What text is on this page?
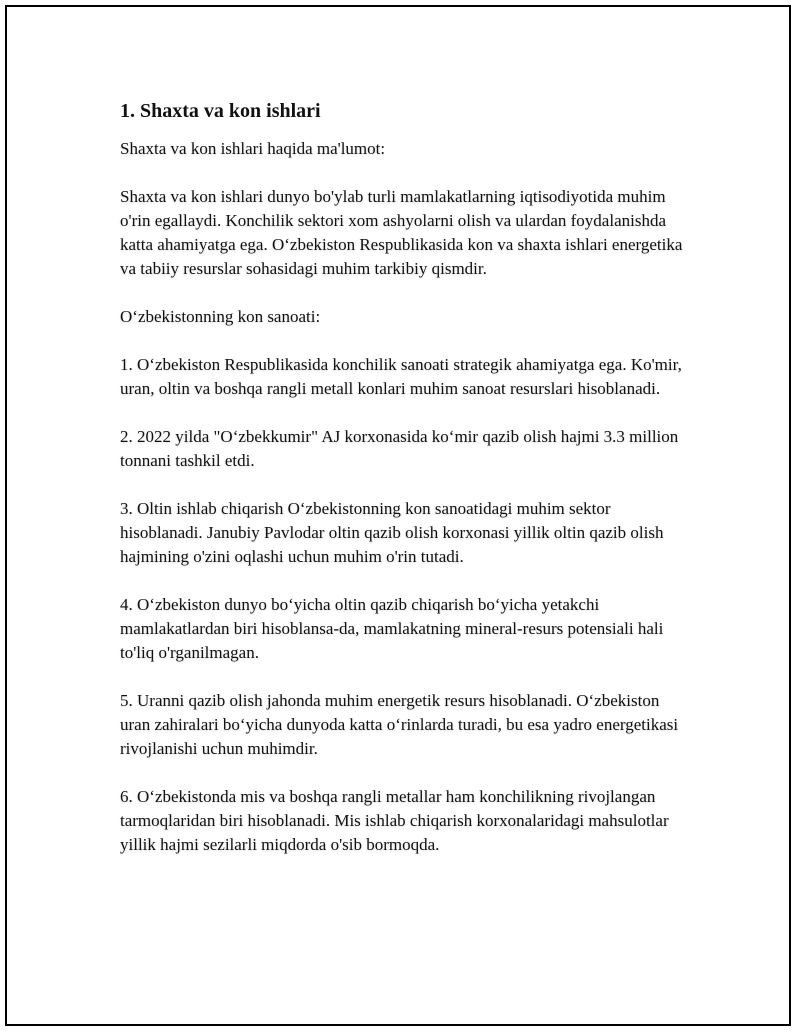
1. Shaxta va kon ishlari

Shaxta va kon ishlari haqida ma'lumot:

Shaxta va kon ishlari dunyo bo'ylab turli mamlakatlarning iqtisodiyotida muhim o'rin egallaydi. Konchilik sektori xom ashyolarni olish va ulardan foydalanishda katta ahamiyatga ega. O‘zbekiston Respublikasida kon va shaxta ishlari energetika va tabiiy resurslar sohasidagi muhim tarkibiy qismdir.

O‘zbekistonning kon sanoati:

1. O‘zbekiston Respublikasida konchilik sanoati strategik ahamiyatga ega. Ko'mir, uran, oltin va boshqa rangli metall konlari muhim sanoat resurslari hisoblanadi.

2. 2022 yilda "O‘zbekkumir" AJ korxonasida ko‘mir qazib olish hajmi 3.3 million tonnani tashkil etdi.

3. Oltin ishlab chiqarish O‘zbekistonning kon sanoatidagi muhim sektor hisoblanadi. Janubiy Pavlodar oltin qazib olish korxonasi yillik oltin qazib olish hajmining o'zini oqlashi uchun muhim o'rin tutadi.

4. O‘zbekiston dunyo bo‘yicha oltin qazib chiqarish bo‘yicha yetakchi mamlakatlardan biri hisoblansa-da, mamlakatning mineral-resurs potensiali hali to'liq o'rganilmagan.

5. Uranni qazib olish jahonda muhim energetik resurs hisoblanadi. O‘zbekiston uran zahiralari bo‘yicha dunyoda katta o‘rinlarda turadi, bu esa yadro energetikasi rivojlanishi uchun muhimdir.

6. O‘zbekistonda mis va boshqa rangli metallar ham konchilikning rivojlangan tarmoqlaridan biri hisoblanadi. Mis ishlab chiqarish korxonalaridagi mahsulotlar yillik hajmi sezilarli miqdorda o'sib bormoqda.
